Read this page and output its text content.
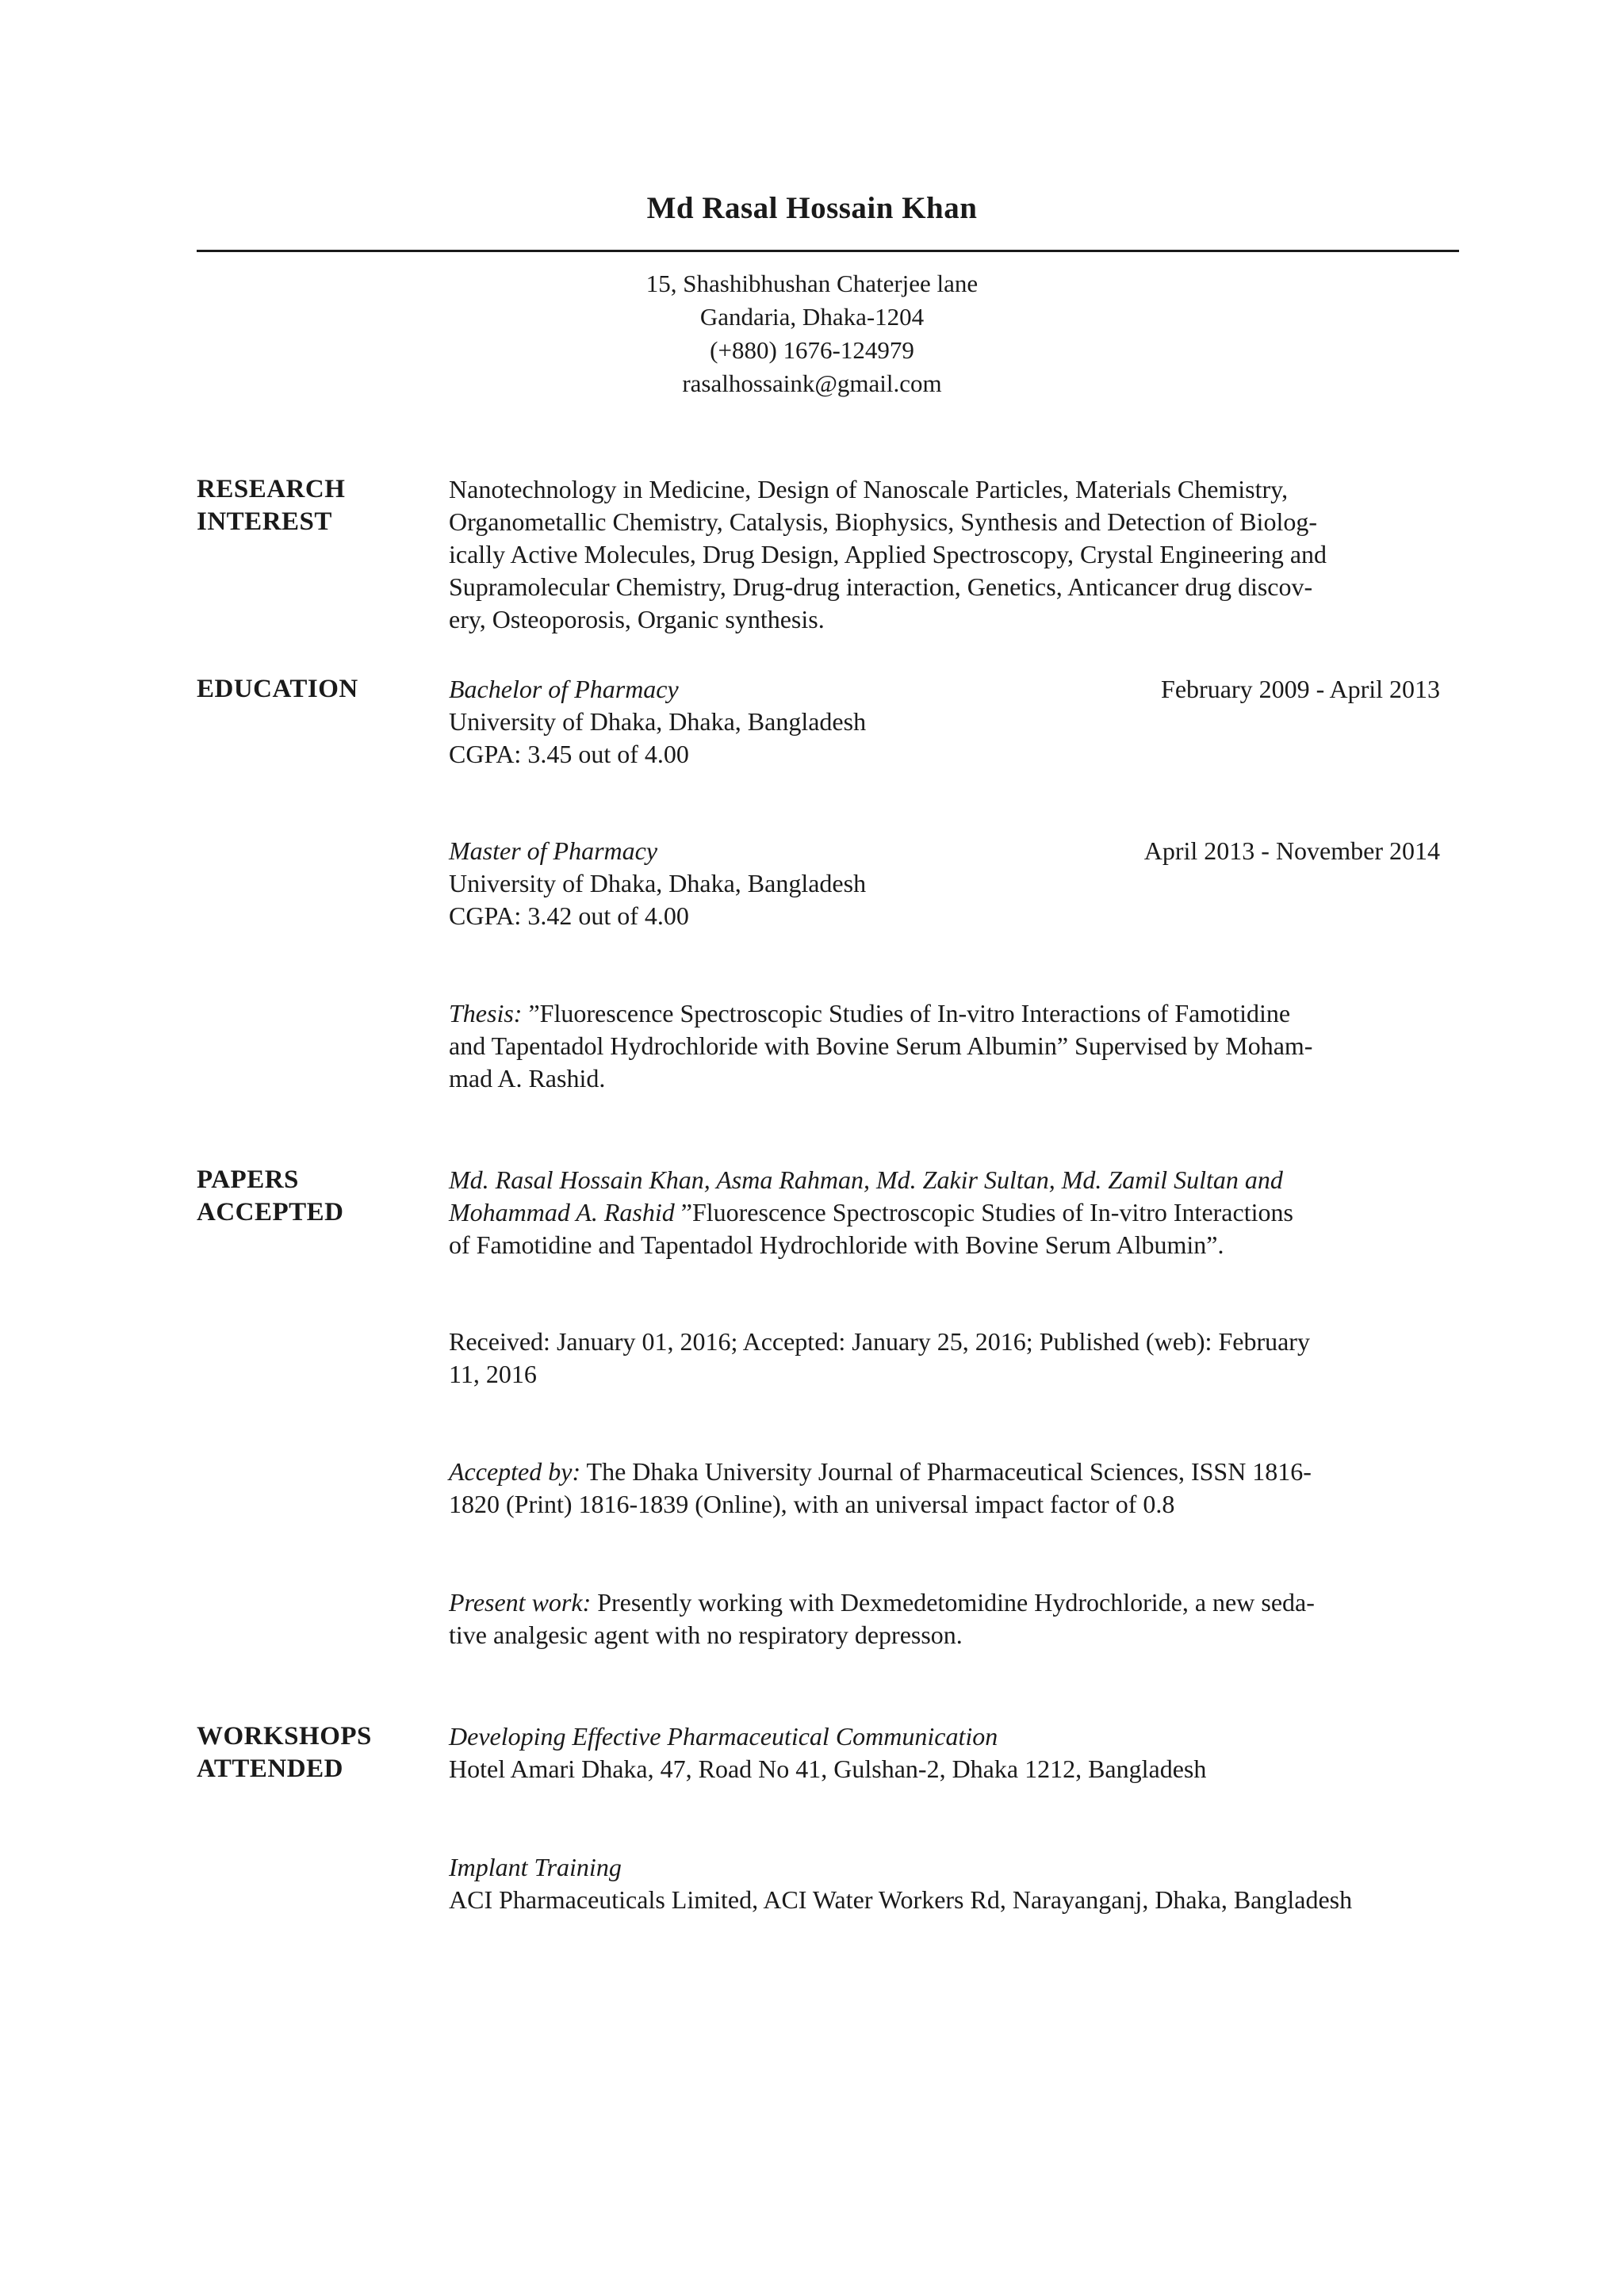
Md Rasal Hossain Khan
15, Shashibhushan Chaterjee lane
Gandaria, Dhaka-1204
(+880) 1676-124979
rasalhossaink@gmail.com
RESEARCH
INTEREST
Nanotechnology in Medicine, Design of Nanoscale Particles, Materials Chemistry,
Organometallic Chemistry, Catalysis, Biophysics, Synthesis and Detection of Biolog-
ically Active Molecules, Drug Design, Applied Spectroscopy, Crystal Engineering and
Supramolecular Chemistry, Drug-drug interaction, Genetics, Anticancer drug discov-
ery, Osteoporosis, Organic synthesis.
EDUCATION	Bachelor of Pharmacy	February 2009 - April 2013
University of Dhaka, Dhaka, Bangladesh
CGPA: 3.45 out of 4.00
Master of Pharmacy	April 2013 - November 2014
University of Dhaka, Dhaka, Bangladesh
CGPA: 3.42 out of 4.00
Thesis: ”Fluorescence Spectroscopic Studies of In-vitro Interactions of Famotidine
and Tapentadol Hydrochloride with Bovine Serum Albumin” Supervised by Moham-
mad A. Rashid.
PAPERS
ACCEPTED
Md. Rasal Hossain Khan, Asma Rahman, Md. Zakir Sultan, Md. Zamil Sultan and
Mohammad A. Rashid ”Fluorescence Spectroscopic Studies of In-vitro Interactions
of Famotidine and Tapentadol Hydrochloride with Bovine Serum Albumin”.
Received: January 01, 2016; Accepted: January 25, 2016; Published (web): February
11, 2016
Accepted by: The Dhaka University Journal of Pharmaceutical Sciences, ISSN 1816-
1820 (Print) 1816-1839 (Online), with an universal impact factor of 0.8
Present work: Presently working with Dexmedetomidine Hydrochloride, a new seda-
tive analgesic agent with no respiratory depresson.
WORKSHOPS
ATTENDED
Developing Effective Pharmaceutical Communication
Hotel Amari Dhaka, 47, Road No 41, Gulshan-2, Dhaka 1212, Bangladesh
Implant Training
ACI Pharmaceuticals Limited, ACI Water Workers Rd, Narayanganj, Dhaka, Bangladesh
